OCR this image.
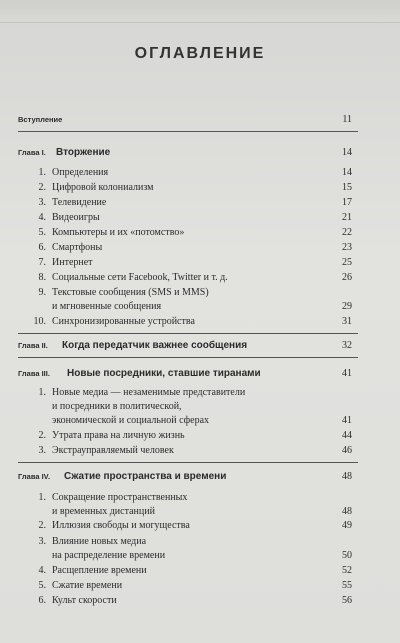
ОГЛАВЛЕНИЕ
Вступление	11
Глава I. Вторжение	14
1. Определения	14
2. Цифровой колониализм	15
3. Телевидение	17
4. Видеоигры	21
5. Компьютеры и их «потомство»	22
6. Смартфоны	23
7. Интернет	25
8. Социальные сети Facebook, Twitter и т. д.	26
9. Текстовые сообщения (SMS и MMS)
и мгновенные сообщения	29
10. Синхронизированные устройства	31
Глава II. Когда передатчик важнее сообщения	32
Глава III. Новые посредники, ставшие тиранами	41
1. Новые медиа — незаменимые представители
и посредники в политической,
экономической и социальной сферах	41
2. Утрата права на личную жизнь	44
3. Экстрауправляемый человек	46
Глава IV. Сжатие пространства и времени	48
1. Сокращение пространственных
и временных дистанций	48
2. Иллюзия свободы и могущества	49
3. Влияние новых медиа
на распределение времени	50
4. Расщепление времени	52
5. Сжатие времени	55
6. Культ скорости	56
